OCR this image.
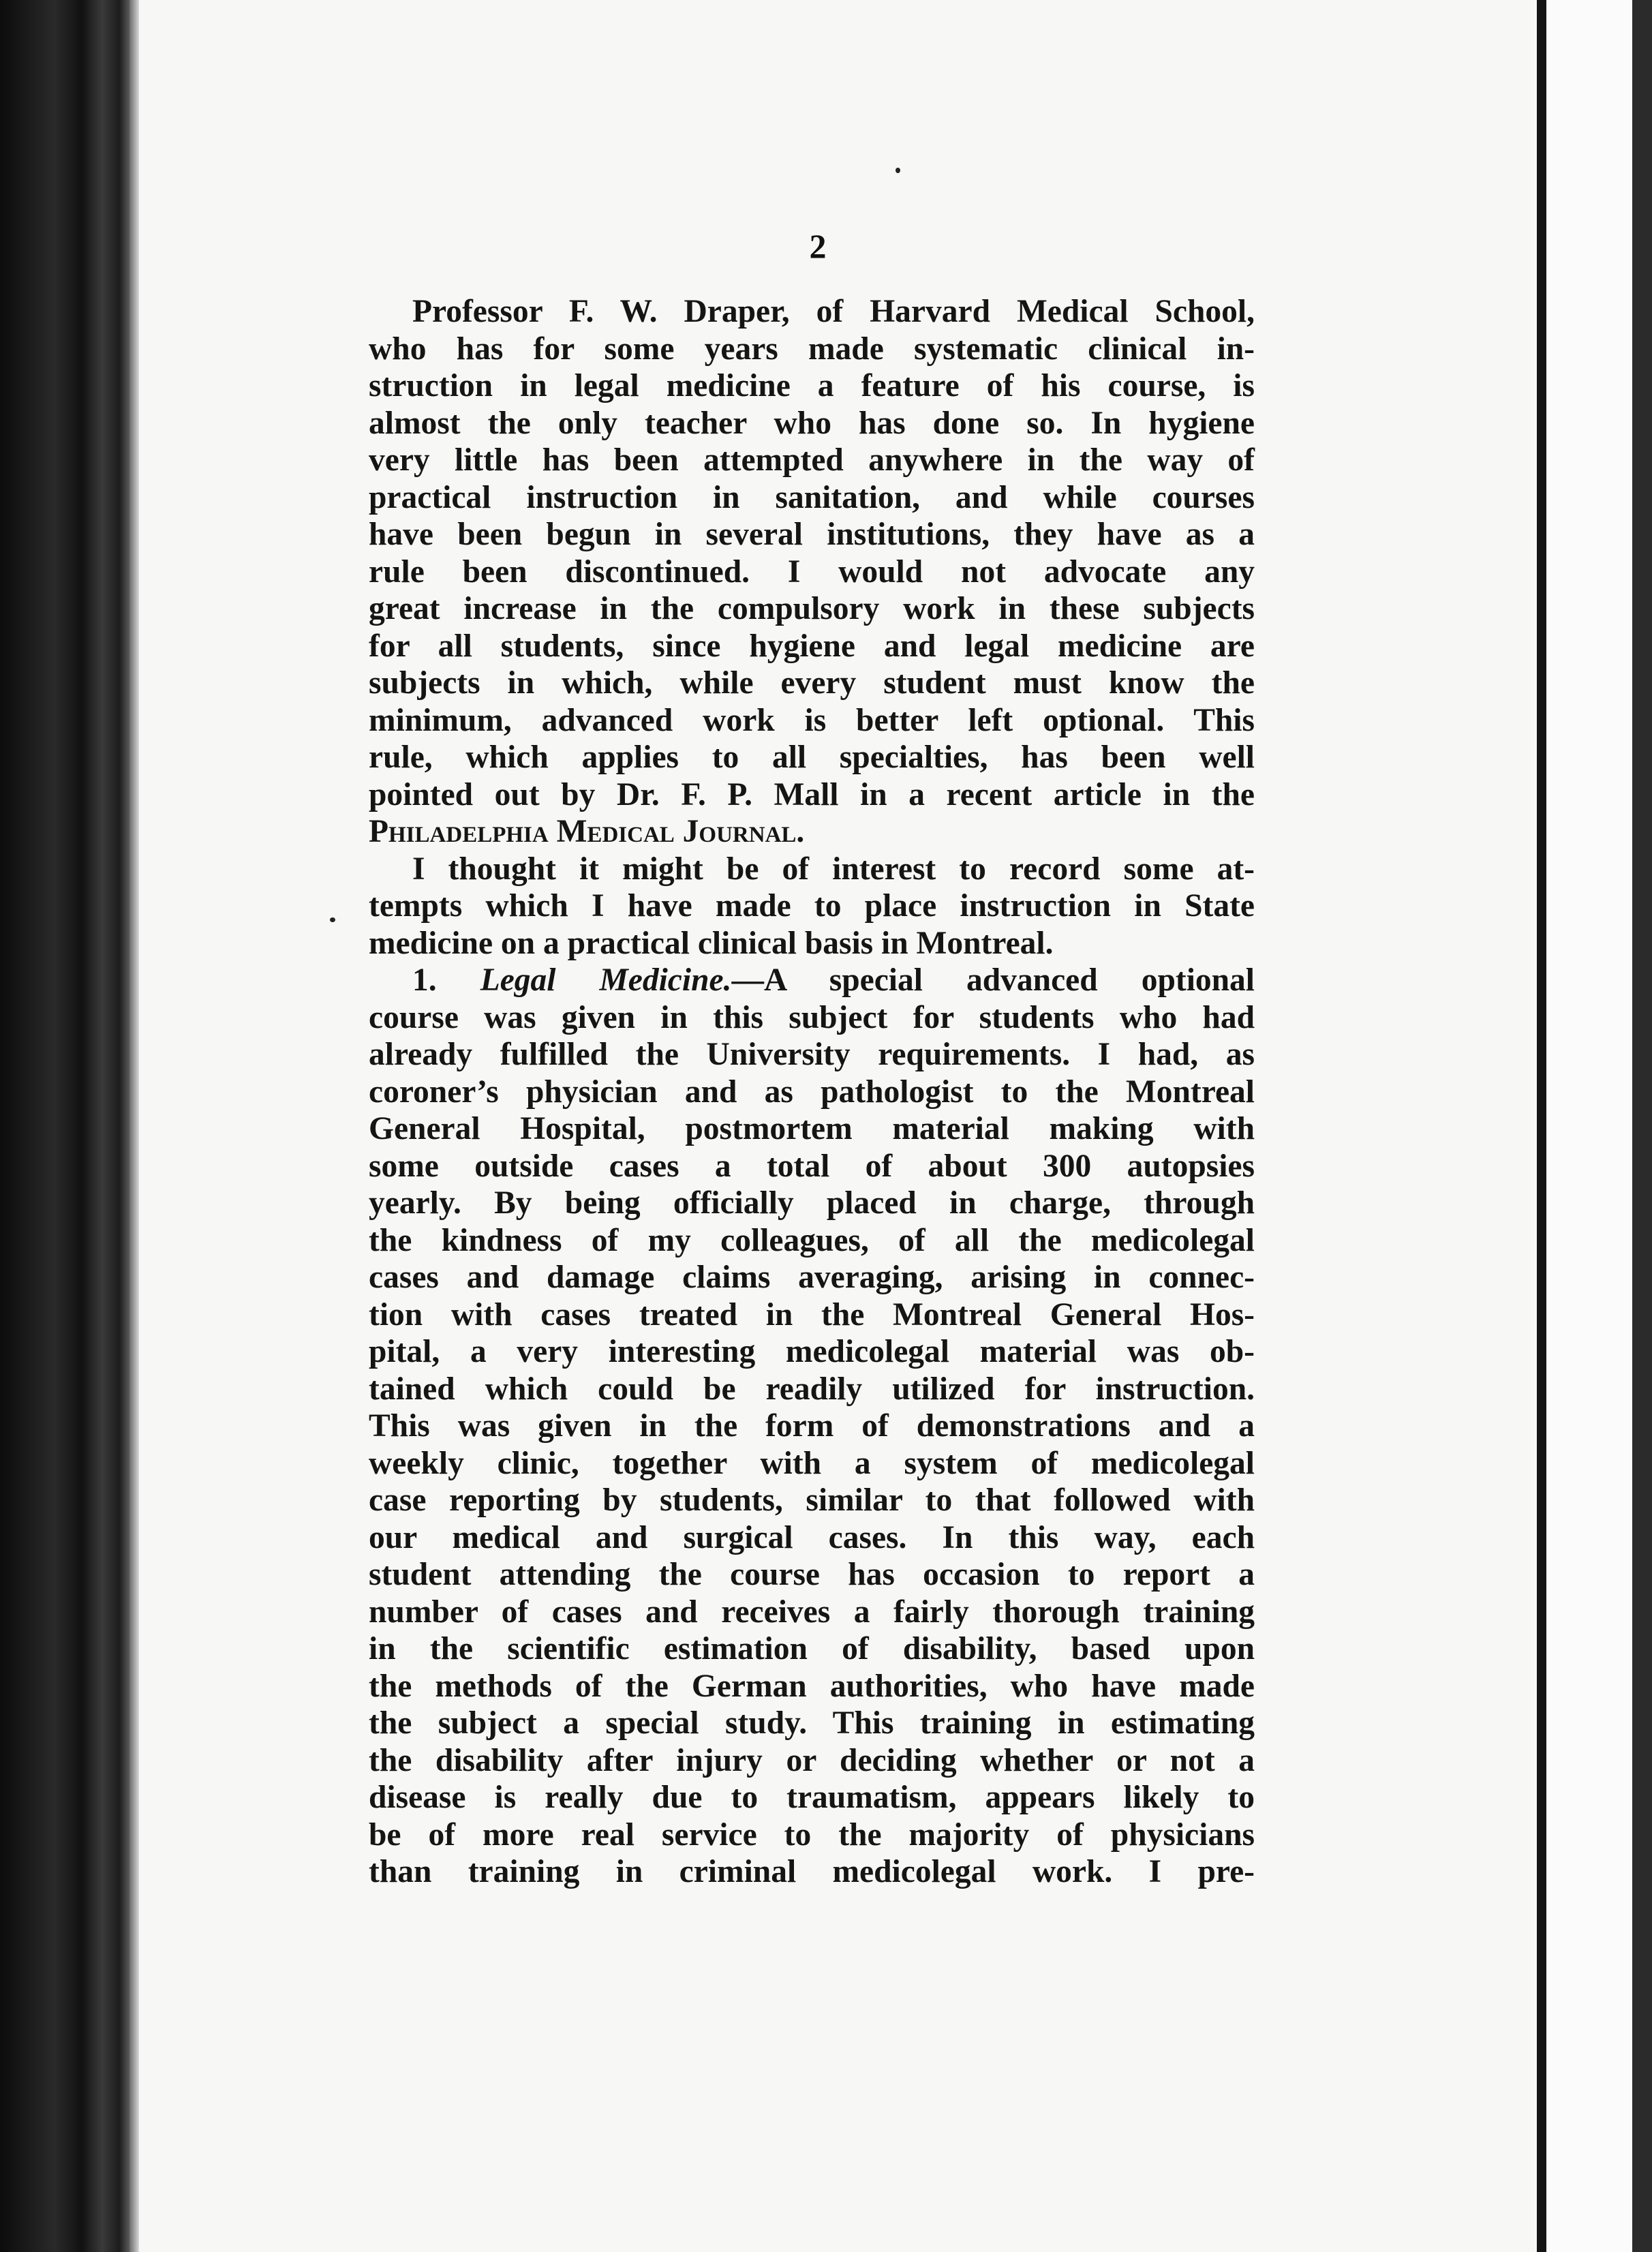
2
Professor F. W. Draper, of Harvard Medical School,
who has for some years made systematic clinical in-
struction in legal medicine a feature of his course, is
almost the only teacher who has done so. In hygiene
very little has been attempted anywhere in the way of
practical instruction in sanitation, and while courses
have been begun in several institutions, they have as a
rule been discontinued. I would not advocate any
great increase in the compulsory work in these subjects
for all students, since hygiene and legal medicine are
subjects in which, while every student must know the
minimum, advanced work is better left optional. This
rule, which applies to all specialties, has been well
pointed out by Dr. F. P. Mall in a recent article in the
Philadelphia Medical Journal.
I thought it might be of interest to record some at-
tempts which I have made to place instruction in State
medicine on a practical clinical basis in Montreal.
1. Legal Medicine.—A special advanced optional
course was given in this subject for students who had
already fulfilled the University requirements. I had, as
coroner’s physician and as pathologist to the Montreal
General Hospital, postmortem material making with
some outside cases a total of about 300 autopsies
yearly. By being officially placed in charge, through
the kindness of my colleagues, of all the medicolegal
cases and damage claims averaging, arising in connec-
tion with cases treated in the Montreal General Hos-
pital, a very interesting medicolegal material was ob-
tained which could be readily utilized for instruction.
This was given in the form of demonstrations and a
weekly clinic, together with a system of medicolegal
case reporting by students, similar to that followed with
our medical and surgical cases. In this way, each
student attending the course has occasion to report a
number of cases and receives a fairly thorough training
in the scientific estimation of disability, based upon
the methods of the German authorities, who have made
the subject a special study. This training in estimating
the disability after injury or deciding whether or not a
disease is really due to traumatism, appears likely to
be of more real service to the majority of physicians
than training in criminal medicolegal work. I pre-
